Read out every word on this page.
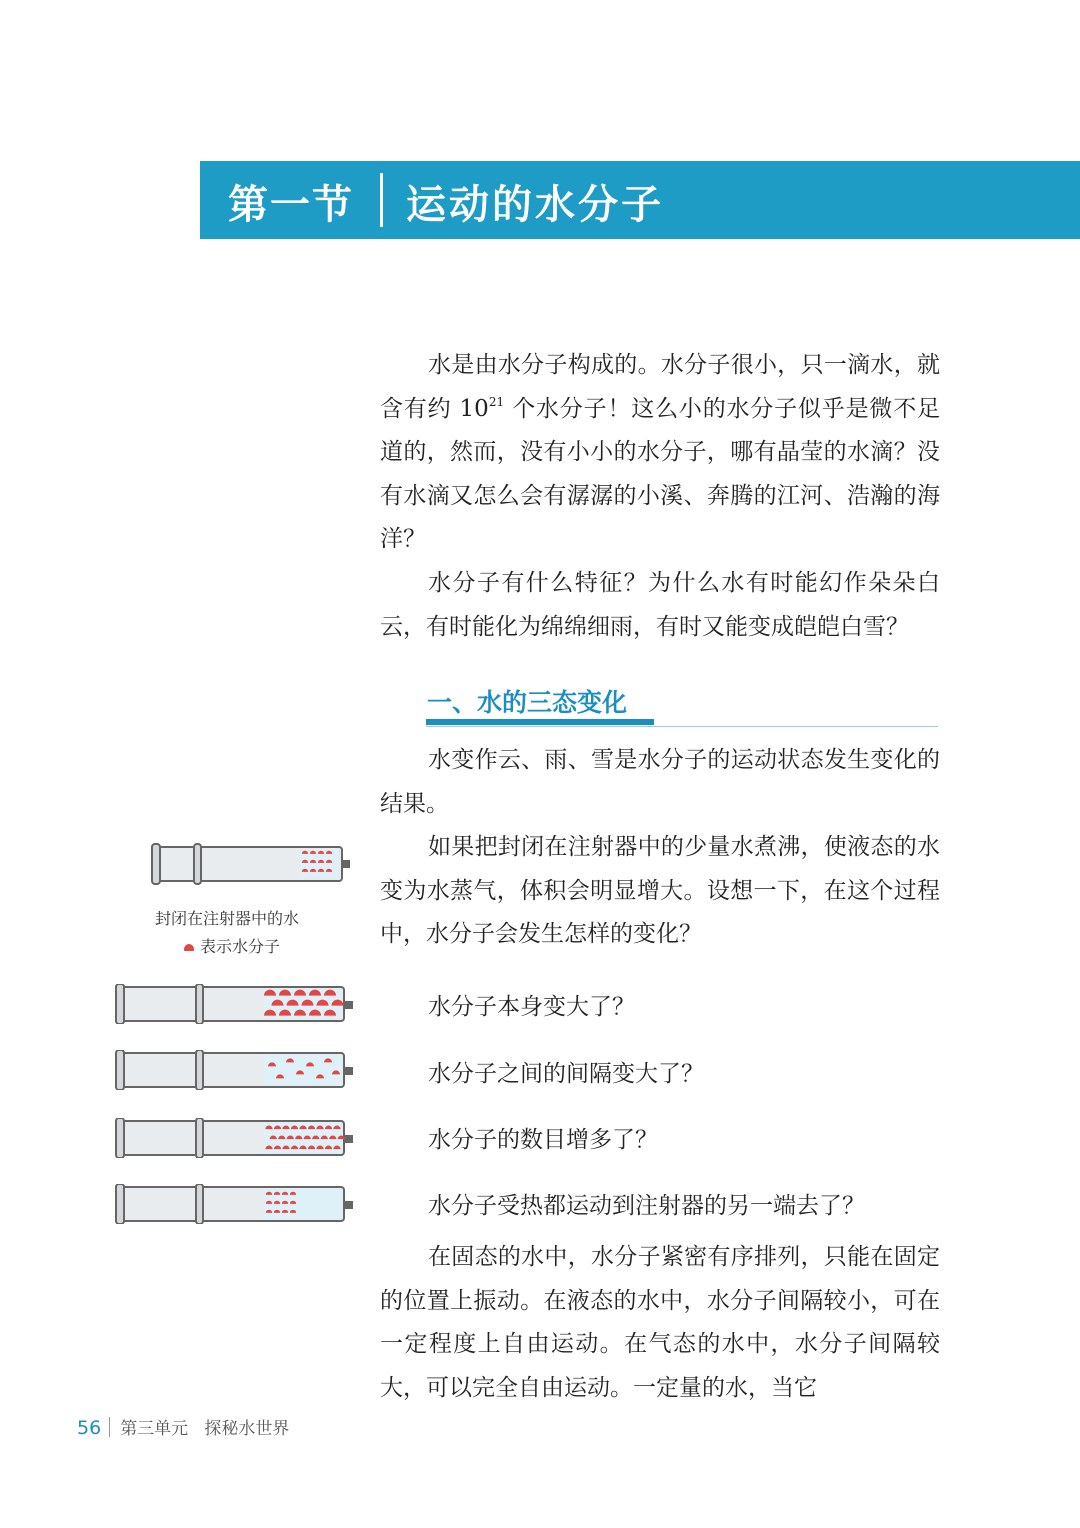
第一节 运动的水分子

水是由水分子构成的。水分子很小，只一滴水，就含有约 $10^{21}$ 个水分子！这么小的水分子似乎是微不足道的，然而，没有小小的水分子，哪有晶莹的水滴？没有水滴又怎么会有潺潺的小溪、奔腾的江河、浩瀚的海洋？

水分子有什么特征？为什么水有时能幻作朵朵白云，有时能化为绵绵细雨，有时又能变成皑皑白雪？

一、水的三态变化

水变作云、雨、雪是水分子的运动状态发生变化的结果。

如果把封闭在注射器中的少量水煮沸，使液态的水变为水蒸气，体积会明显增大。设想一下，在这个过程中，水分子会发生怎样的变化？

水分子本身变大了？

水分子之间的间隔变大了？

水分子的数目增多了？

水分子受热都运动到注射器的另一端去了？

在固态的水中，水分子紧密有序排列，只能在固定的位置上振动。在液态的水中，水分子间隔较小，可在一定程度上自由运动。在气态的水中，水分子间隔较大，可以完全自由运动。一定量的水，当它

封闭在注射器中的水

表示水分子

56 第三单元 探秘水世界
